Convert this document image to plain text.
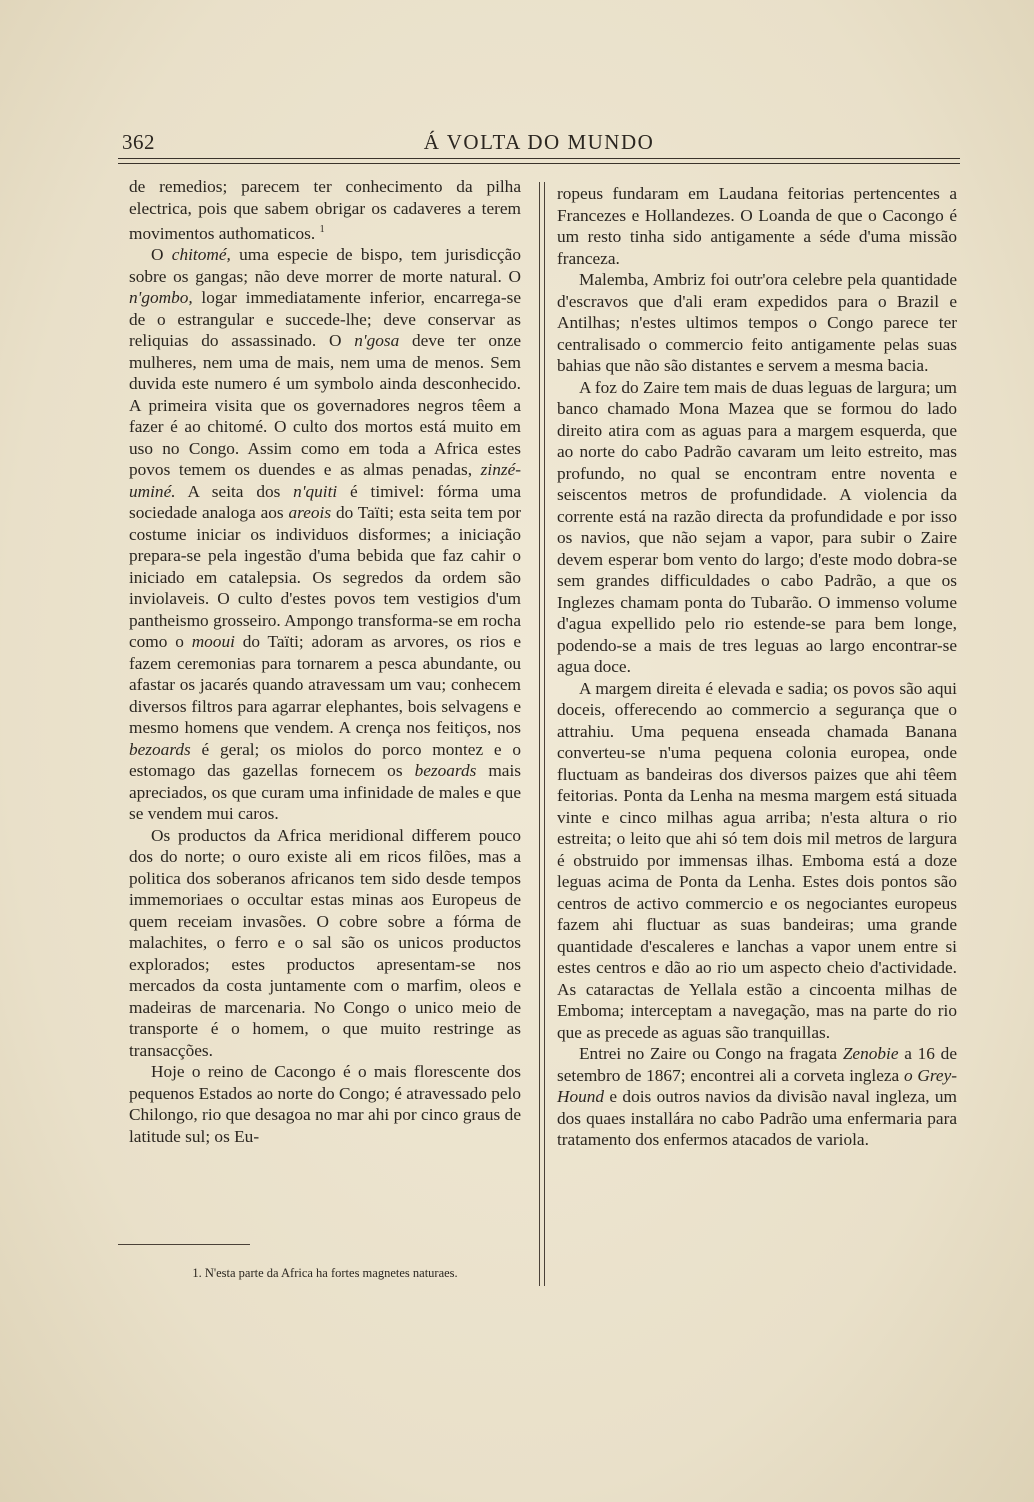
362	Á VOLTA DO MUNDO

de remedios; parecem ter conhecimento da pilha electrica, pois que sabem obrigar os cadaveres a terem movimentos authomaticos. $^1$

O chitomé, uma especie de bispo, tem jurisdicção sobre os gangas; não deve morrer de morte natural. O n'gombo, logar immediatamente inferior, encarrega-se de o estrangular e succede-lhe; deve conservar as reliquias do assassinado. O n'gosa deve ter onze mulheres, nem uma de mais, nem uma de menos. Sem duvida este numero é um symbolo ainda desconhecido. A primeira visita que os governadores negros têem a fazer é ao chitomé. O culto dos mortos está muito em uso no Congo. Assim como em toda a Africa estes povos temem os duendes e as almas penadas, zinzé-uminé. A seita dos n'quiti é timivel: fórma uma sociedade analoga aos areois do Taïti; esta seita tem por costume iniciar os individuos disformes; a iniciação prepara-se pela ingestão d'uma bebida que faz cahir o iniciado em catalepsia. Os segredos da ordem são inviolaveis. O culto d'estes povos tem vestigios d'um pantheismo grosseiro. Ampongo transforma-se em rocha como o mooui do Taïti; adoram as arvores, os rios e fazem ceremonias para tornarem a pesca abundante, ou afastar os jacarés quando atravessam um vau; conhecem diversos filtros para agarrar elephantes, bois selvagens e mesmo homens que vendem. A crença nos feitiços, nos bezoards é geral; os miolos do porco montez e o estomago das gazellas fornecem os bezoards mais apreciados, os que curam uma infinidade de males e que se vendem mui caros.

Os productos da Africa meridional differem pouco dos do norte; o ouro existe ali em ricos filões, mas a politica dos soberanos africanos tem sido desde tempos immemoriaes o occultar estas minas aos Europeus de quem receiam invasões. O cobre sobre a fórma de malachites, o ferro e o sal são os unicos productos explorados; estes productos apresentam-se nos mercados da costa juntamente com o marfim, oleos e madeiras de marcenaria. No Congo o unico meio de transporte é o homem, o que muito restringe as transacções.

Hoje o reino de Cacongo é o mais florescente dos pequenos Estados ao norte do Congo; é atravessado pelo Chilongo, rio que desagoa no mar ahi por cinco graus de latitude sul; os Eu-

ropeus fundaram em Laudana feitorias pertencentes a Francezes e Hollandezes. O Loanda de que o Cacongo é um resto tinha sido antigamente a séde d'uma missão franceza.

Malemba, Ambriz foi outr'ora celebre pela quantidade d'escravos que d'ali eram expedidos para o Brazil e Antilhas; n'estes ultimos tempos o Congo parece ter centralisado o commercio feito antigamente pelas suas bahias que não são distantes e servem a mesma bacia.

A foz do Zaire tem mais de duas leguas de largura; um banco chamado Mona Mazea que se formou do lado direito atira com as aguas para a margem esquerda, que ao norte do cabo Padrão cavaram um leito estreito, mas profundo, no qual se encontram entre noventa e seiscentos metros de profundidade. A violencia da corrente está na razão directa da profundidade e por isso os navios, que não sejam a vapor, para subir o Zaire devem esperar bom vento do largo; d'este modo dobra-se sem grandes difficuldades o cabo Padrão, a que os Inglezes chamam ponta do Tubarão. O immenso volume d'agua expellido pelo rio estende-se para bem longe, podendo-se a mais de tres leguas ao largo encontrar-se agua doce.

A margem direita é elevada e sadia; os povos são aqui doceis, offerecendo ao commercio a segurança que o attrahiu. Uma pequena enseada chamada Banana converteu-se n'uma pequena colonia europea, onde fluctuam as bandeiras dos diversos paizes que ahi têem feitorias. Ponta da Lenha na mesma margem está situada vinte e cinco milhas agua arriba; n'esta altura o rio estreita; o leito que ahi só tem dois mil metros de largura é obstruido por immensas ilhas. Emboma está a doze leguas acima de Ponta da Lenha. Estes dois pontos são centros de activo commercio e os negociantes europeus fazem ahi fluctuar as suas bandeiras; uma grande quantidade d'escaleres e lanchas a vapor unem entre si estes centros e dão ao rio um aspecto cheio d'actividade. As cataractas de Yellala estão a cincoenta milhas de Emboma; interceptam a navegação, mas na parte do rio que as precede as aguas são tranquillas.

Entrei no Zaire ou Congo na fragata Zenobie a 16 de setembro de 1867; encontrei ali a corveta ingleza o Grey-Hound e dois outros navios da divisão naval ingleza, um dos quaes installára no cabo Padrão uma enfermaria para tratamento dos enfermos atacados de variola.

1. N'esta parte da Africa ha fortes magnetes naturaes.
